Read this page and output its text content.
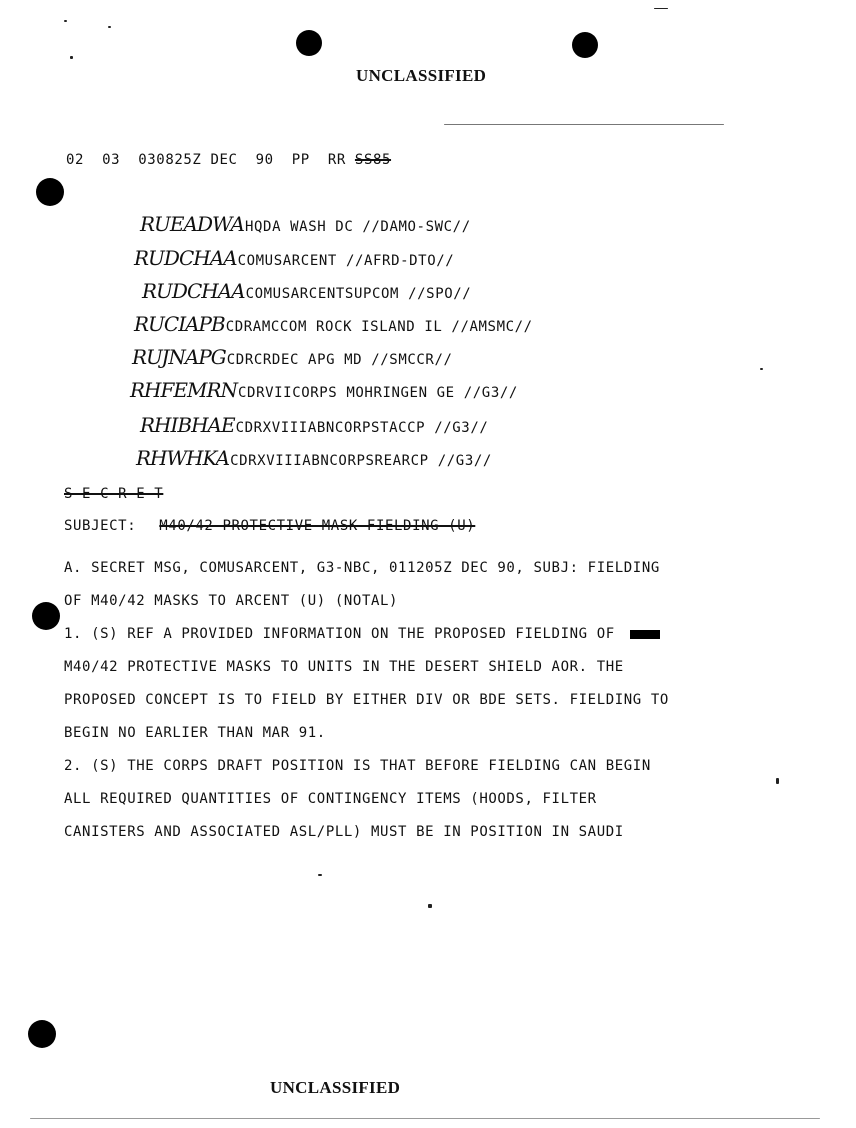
UNCLASSIFIED
02  03  030825Z DEC  90  PP  RR SS85
RUEADWA HQDA WASH DC //DAMO-SWC//
RUDCHAA COMUSARCENT //AFRD-DTO//
RUDCHAA COMUSARCENTSUPCOM //SPO//
RUCIAPB CDRAMCCOM ROCK ISLAND IL //AMSMC//
RUJNAPG CDRCRDEC APG MD //SMCCR//
RHFEMRN CDRVIICORPS MOHRINGEN GE //G3//
RHIBHAE CDRXVIIIABNCORPSTACCP //G3//
RHWHKA CDRXVIIIABNCORPSREARCP //G3//
S E C R E T
SUBJECT: M40/42 PROTECTIVE MASK FIELDING (U)
A. SECRET MSG, COMUSARCENT, G3-NBC, 011205Z DEC 90, SUBJ: FIELDING
OF M40/42 MASKS TO ARCENT (U) (NOTAL)
1. (S) REF A PROVIDED INFORMATION ON THE PROPOSED FIELDING OF
M40/42 PROTECTIVE MASKS TO UNITS IN THE DESERT SHIELD AOR. THE
PROPOSED CONCEPT IS TO FIELD BY EITHER DIV OR BDE SETS. FIELDING TO
BEGIN NO EARLIER THAN MAR 91.
2. (S) THE CORPS DRAFT POSITION IS THAT BEFORE FIELDING CAN BEGIN
ALL REQUIRED QUANTITIES OF CONTINGENCY ITEMS (HOODS, FILTER
CANISTERS AND ASSOCIATED ASL/PLL) MUST BE IN POSITION IN SAUDI
UNCLASSIFIED
